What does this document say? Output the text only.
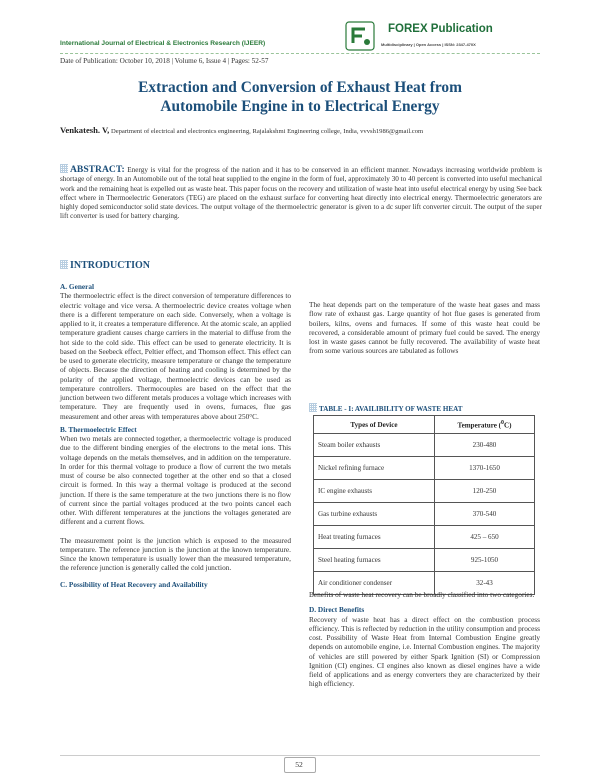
International Journal of Electrical & Electronics Research (IJEER)
FOREX Publication
Multidisciplinary | Open Access | ISSN: 2347-470X
Date of Publication: October 10, 2018 | Volume 6, Issue 4 | Pages: 52-57
Extraction and Conversion of Exhaust Heat from
Automobile Engine in to Electrical Energy
Venkatesh. V, Department of electrical and electronics engineering, Rajalakshmi Engineering college, India, vvvsh1986@gmail.com
ABSTRACT: Energy is vital for the progress of the nation and it has to be conserved in an efficient manner. Nowadays increasing worldwide problem is shortage of energy. In an Automobile out of the total heat supplied to the engine in the form of fuel, approximately 30 to 40 percent is converted into useful mechanical work and the remaining heat is expelled out as waste heat. This paper focus on the recovery and utilization of waste heat into useful electrical energy by using See back effect where in Thermoelectric Generators (TEG) are placed on the exhaust surface for converting heat directly into electrical energy. Thermoelectric generators are highly doped semiconductor solid state devices. The output voltage of the thermoelectric generator is given to a dc super lift converter circuit. The output of the super lift converter is used for battery charging.
INTRODUCTION
A. General
The thermoelectric effect is the direct conversion of temperature differences to electric voltage and vice versa. A thermoelectric device creates voltage when there is a different temperature on each side. Conversely, when a voltage is applied to it, it creates a temperature difference. At the atomic scale, an applied temperature gradient causes charge carriers in the material to diffuse from the hot side to the cold side. This effect can be used to generate electricity. It is based on the Seebeck effect, Peltier effect, and Thomson effect. This effect can be used to generate electricity, measure temperature or change the temperature of objects. Because the direction of heating and cooling is determined by the polarity of the applied voltage, thermoelectric devices can be used as temperature controllers. Thermocouples are based on the effect that the junction between two different metals produces a voltage which increases with temperature. They are frequently used in ovens, furnaces, flue gas measurement and other areas with temperatures above about 250°C.
B. Thermoelectric Effect
When two metals are connected together, a thermoelectric voltage is produced due to the different binding energies of the electrons to the metal ions. This voltage depends on the metals themselves, and in addition on the temperature. In order for this thermal voltage to produce a flow of current the two metals must of course be also connected together at the other end so that a closed circuit is formed. In this way a thermal voltage is produced at the second junction. If there is the same temperature at the two junctions there is no flow of current since the partial voltages produced at the two points cancel each other. With different temperatures at the junctions the voltages generated are different and a current flows.
The measurement point is the junction which is exposed to the measured temperature. The reference junction is the junction at the known temperature. Since the known temperature is usually lower than the measured temperature, the reference junction is generally called the cold junction.
C. Possibility of Heat Recovery and Availability
The heat depends part on the temperature of the waste heat gases and mass flow rate of exhaust gas. Large quantity of hot flue gases is generated from boilers, kilns, ovens and furnaces. If some of this waste heat could be recovered, a considerable amount of primary fuel could be saved. The energy lost in waste gases cannot be fully recovered. The availability of waste heat from some various sources are tabulated as follows
TABLE - I: AVAILIBILITY OF WASTE HEAT
Types of Device	Temperature ($^0$C)
Steam boiler exhausts	230-480
Nickel refining furnace	1370-1650
IC engine exhausts	120-250
Gas turbine exhausts	370-540
Heat treating furnaces	425 – 650
Steel heating furnaces	925-1050
Air conditioner condenser	32-43
Benefits of waste heat recovery can be broadly classified into two categories.
D. Direct Benefits
Recovery of waste heat has a direct effect on the combustion process efficiency. This is reflected by reduction in the utility consumption and process cost. Possibility of Waste Heat from Internal Combustion Engine greatly depends on automobile engine, i.e. Internal Combustion engines. The majority of vehicles are still powered by either Spark Ignition (SI) or Compression Ignition (CI) engines. CI engines also known as diesel engines have a wide field of applications and as energy converters they are characterized by their high efficiency.
52
